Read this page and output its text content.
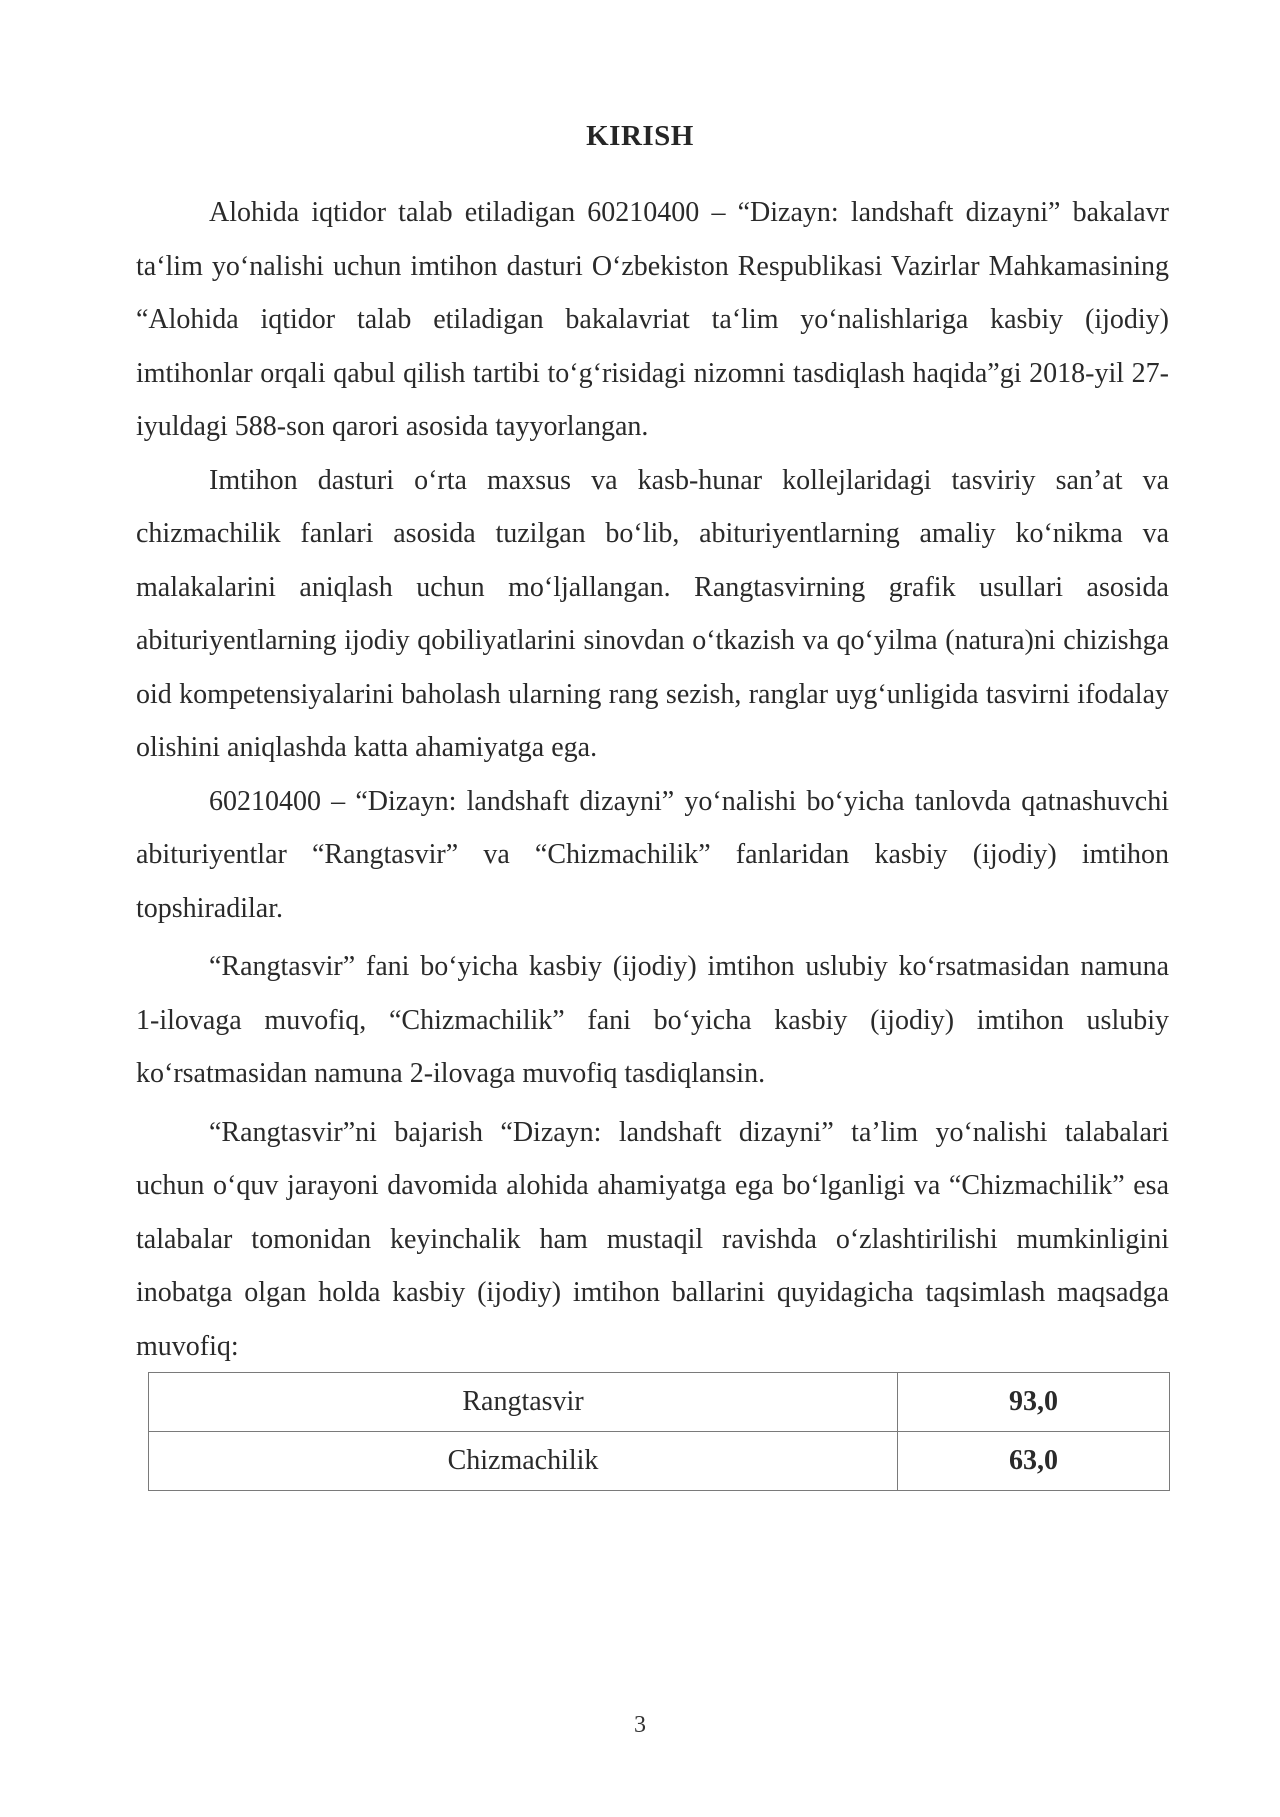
KIRISH

Alohida iqtidor talab etiladigan 60210400 – “Dizayn: landshaft dizayni” bakalavr ta‘lim yo‘nalishi uchun imtihon dasturi O‘zbekiston Respublikasi Vazirlar Mahkamasining “Alohida iqtidor talab etiladigan bakalavriat ta‘lim yo‘nalishlariga kasbiy (ijodiy) imtihonlar orqali qabul qilish tartibi to‘g‘risidagi nizomni tasdiqlash haqida”gi 2018-yil 27-iyuldagi 588-son qarori asosida tayyorlangan.

Imtihon dasturi o‘rta maxsus va kasb-hunar kollejlaridagi tasviriy san’at va chizmachilik fanlari asosida tuzilgan bo‘lib, abituriyentlarning amaliy ko‘nikma va malakalarini aniqlash uchun mo‘ljallangan. Rangtasvirning grafik usullari asosida abituriyentlarning ijodiy qobiliyatlarini sinovdan o‘tkazish va qo‘yilma (natura)ni chizishga oid kompetensiyalarini baholash ularning rang sezish, ranglar uyg‘unligida tasvirni ifodalay olishini aniqlashda katta ahamiyatga ega.

60210400 – “Dizayn: landshaft dizayni” yo‘nalishi bo‘yicha tanlovda qatnashuvchi abituriyentlar “Rangtasvir” va “Chizmachilik” fanlaridan kasbiy (ijodiy) imtihon topshiradilar.

“Rangtasvir” fani bo‘yicha kasbiy (ijodiy) imtihon uslubiy ko‘rsatmasidan namuna 1-ilovaga muvofiq, “Chizmachilik” fani bo‘yicha kasbiy (ijodiy) imtihon uslubiy ko‘rsatmasidan namuna 2-ilovaga muvofiq tasdiqlansin.

“Rangtasvir”ni bajarish “Dizayn: landshaft dizayni” ta’lim yo‘nalishi talabalari uchun o‘quv jarayoni davomida alohida ahamiyatga ega bo‘lganligi va “Chizmachilik” esa talabalar tomonidan keyinchalik ham mustaqil ravishda o‘zlashtirilishi mumkinligini inobatga olgan holda kasbiy (ijodiy) imtihon ballarini quyidagicha taqsimlash maqsadga muvofiq:

Rangtasvir	93,0
Chizmachilik	63,0
3
